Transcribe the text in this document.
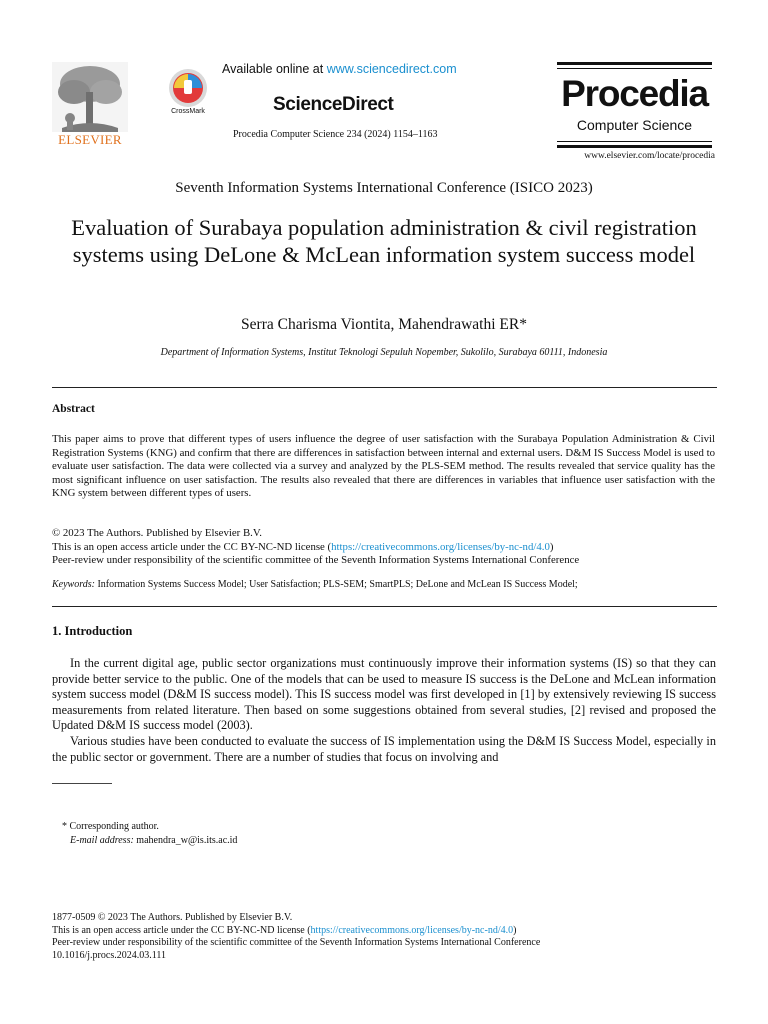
ELSEVIER
CrossMark
Available online at www.sciencedirect.com
ScienceDirect
Procedia Computer Science 234 (2024) 1154–1163
Procedia
Computer Science
www.elsevier.com/locate/procedia
Seventh Information Systems International Conference (ISICO 2023)
Evaluation of Surabaya population administration & civil registration systems using DeLone & McLean information system success model
Serra Charisma Viontita, Mahendrawathi ER*
Department of Information Systems, Institut Teknologi Sepuluh Nopember, Sukolilo, Surabaya 60111, Indonesia
Abstract
This paper aims to prove that different types of users influence the degree of user satisfaction with the Surabaya Population Administration & Civil Registration Systems (KNG) and confirm that there are differences in satisfaction between internal and external users. D&M IS Success Model is used to evaluate user satisfaction. The data were collected via a survey and analyzed by the PLS-SEM method. The results revealed that service quality has the most significant influence on user satisfaction. The results also revealed that there are differences in variables that influence user satisfaction with the KNG system between different types of users.
© 2023 The Authors. Published by Elsevier B.V.
This is an open access article under the CC BY-NC-ND license (https://creativecommons.org/licenses/by-nc-nd/4.0)
Peer-review under responsibility of the scientific committee of the Seventh Information Systems International Conference
Keywords: Information Systems Success Model; User Satisfaction; PLS-SEM; SmartPLS; DeLone and McLean IS Success Model;
1. Introduction

In the current digital age, public sector organizations must continuously improve their information systems (IS) so that they can provide better service to the public. One of the models that can be used to measure IS success is the DeLone and McLean information system success model (D&M IS success model). This IS success model was first developed in [1] by extensively reviewing IS success measurements from related literature. Then based on some suggestions obtained from several studies, [2] revised and proposed the Updated D&M IS success model (2003).

Various studies have been conducted to evaluate the success of IS implementation using the D&M IS Success Model, especially in the public sector or government. There are a number of studies that focus on involving and

* Corresponding author.
E-mail address: mahendra_w@is.its.ac.id
1877-0509 © 2023 The Authors. Published by Elsevier B.V.
This is an open access article under the CC BY-NC-ND license (https://creativecommons.org/licenses/by-nc-nd/4.0)
Peer-review under responsibility of the scientific committee of the Seventh Information Systems International Conference
10.1016/j.procs.2024.03.111
